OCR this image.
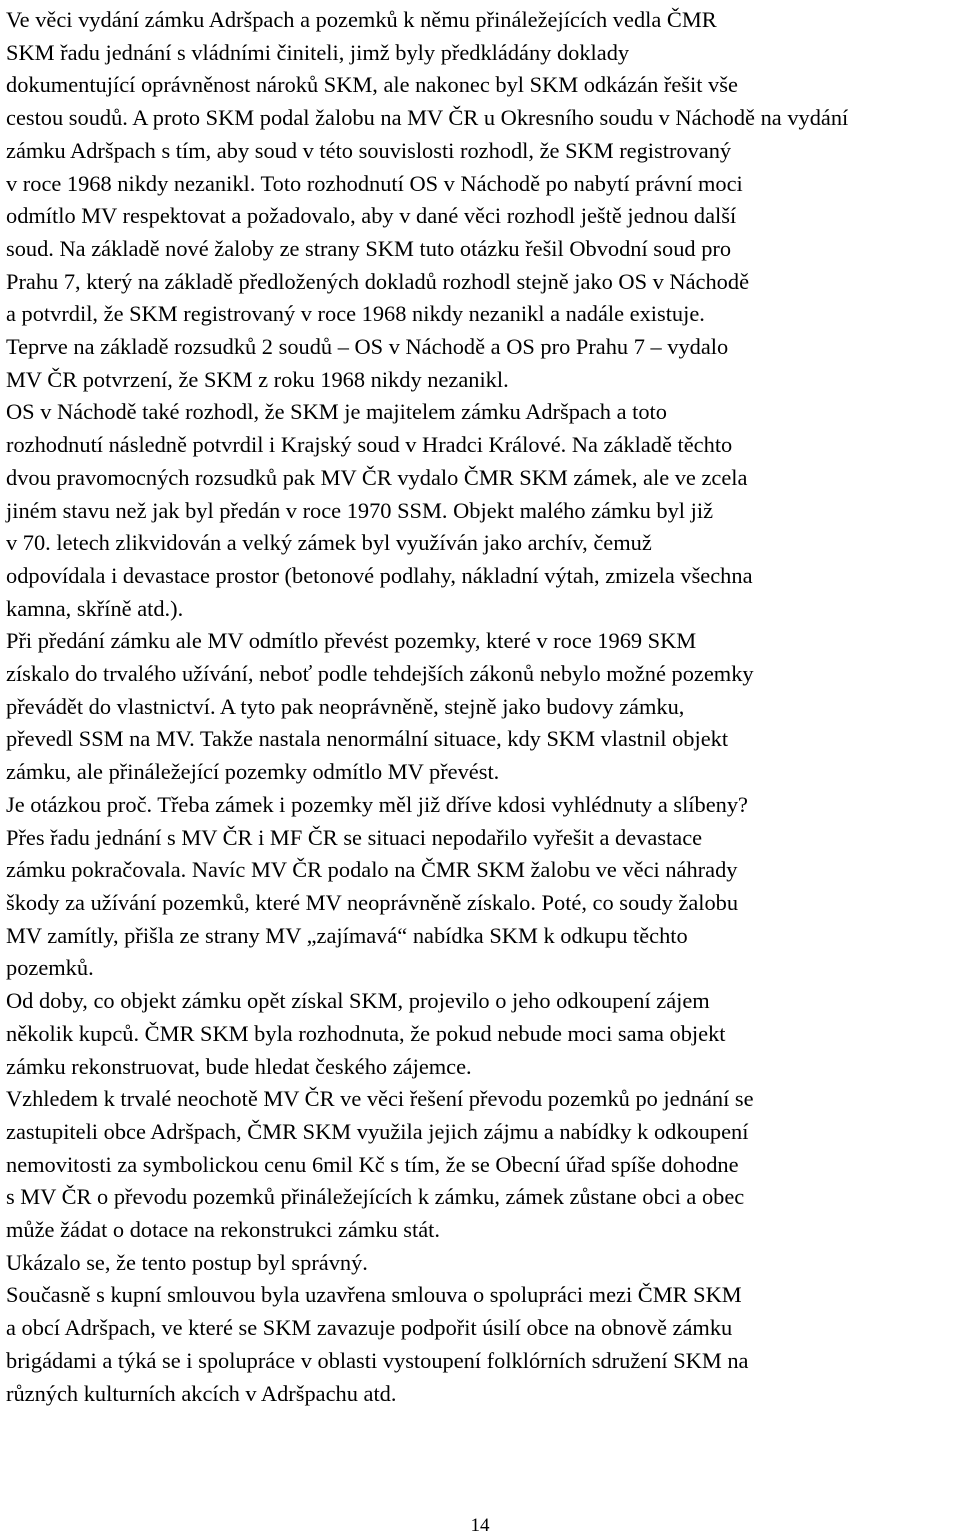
Ve věci vydání zámku Adršpach a pozemků k němu přináležejících vedla ČMR
SKM řadu jednání s vládními činiteli, jimž byly předkládány doklady
dokumentující oprávněnost nároků SKM, ale nakonec byl SKM odkázán řešit vše
cestou soudů. A proto SKM podal žalobu na MV ČR u Okresního soudu v Náchodě na vydání
zámku Adršpach s tím, aby soud v této souvislosti rozhodl, že SKM registrovaný
v roce 1968 nikdy nezanikl. Toto rozhodnutí OS v Náchodě po nabytí právní moci
odmítlo MV respektovat a požadovalo, aby v dané věci rozhodl ještě jednou další
soud. Na základě nové žaloby ze strany SKM tuto otázku řešil Obvodní soud pro
Prahu 7, který na základě předložených dokladů rozhodl stejně jako OS v Náchodě
a potvrdil, že SKM registrovaný v roce 1968 nikdy nezanikl a nadále existuje.
Teprve na základě rozsudků 2 soudů – OS v Náchodě a OS pro Prahu 7 – vydalo
MV ČR potvrzení, že SKM z roku 1968 nikdy nezanikl.

OS v Náchodě také rozhodl, že SKM je majitelem zámku Adršpach a toto
rozhodnutí následně potvrdil i Krajský soud v Hradci Králové. Na základě těchto
dvou pravomocných rozsudků pak MV ČR vydalo ČMR SKM zámek, ale ve zcela
jiném stavu než jak byl předán v roce 1970 SSM. Objekt malého zámku byl již
v 70. letech zlikvidován a velký zámek byl využíván jako archív, čemuž
odpovídala i devastace prostor (betonové podlahy, nákladní výtah, zmizela všechna
kamna, skříně atd.).

Při předání zámku ale MV odmítlo převést pozemky, které v roce 1969 SKM
získalo do trvalého užívání, neboť podle tehdejších zákonů nebylo možné pozemky
převádět do vlastnictví. A tyto pak neoprávněně, stejně jako budovy zámku,
převedl SSM na MV. Takže nastala nenormální situace, kdy SKM vlastnil objekt
zámku, ale přináležející pozemky odmítlo MV převést.

Je otázkou proč. Třeba zámek i pozemky měl již dříve kdosi vyhlédnuty a slíbeny?
Přes řadu jednání s MV ČR i MF ČR se situaci nepodařilo vyřešit a devastace
zámku pokračovala. Navíc MV ČR podalo na ČMR SKM žalobu ve věci náhrady
škody za užívání pozemků, které MV neoprávněně získalo. Poté, co soudy žalobu
MV zamítly, přišla ze strany MV „zajímavá“ nabídka SKM k odkupu těchto
pozemků.

Od doby, co objekt zámku opět získal SKM, projevilo o jeho odkoupení zájem
několik kupců. ČMR SKM byla rozhodnuta, že pokud nebude moci sama objekt
zámku rekonstruovat, bude hledat českého zájemce.

Vzhledem k trvalé neochotě MV ČR ve věci řešení převodu pozemků po jednání se
zastupiteli obce Adršpach, ČMR SKM využila jejich zájmu a nabídky k odkoupení
nemovitosti za symbolickou cenu 6mil Kč s tím, že se Obecní úřad spíše dohodne
s MV ČR o převodu pozemků přináležejících k zámku, zámek zůstane obci a obec
může žádat o dotace na rekonstrukci zámku stát.

Ukázalo se, že tento postup byl správný.

Současně s kupní smlouvou byla uzavřena smlouva o spolupráci mezi ČMR SKM
a obcí Adršpach, ve které se SKM zavazuje podpořit úsilí obce na obnově zámku
brigádami a týká se i spolupráce v oblasti vystoupení folklórních sdružení SKM na
různých kulturních akcích v Adršpachu atd.

14
